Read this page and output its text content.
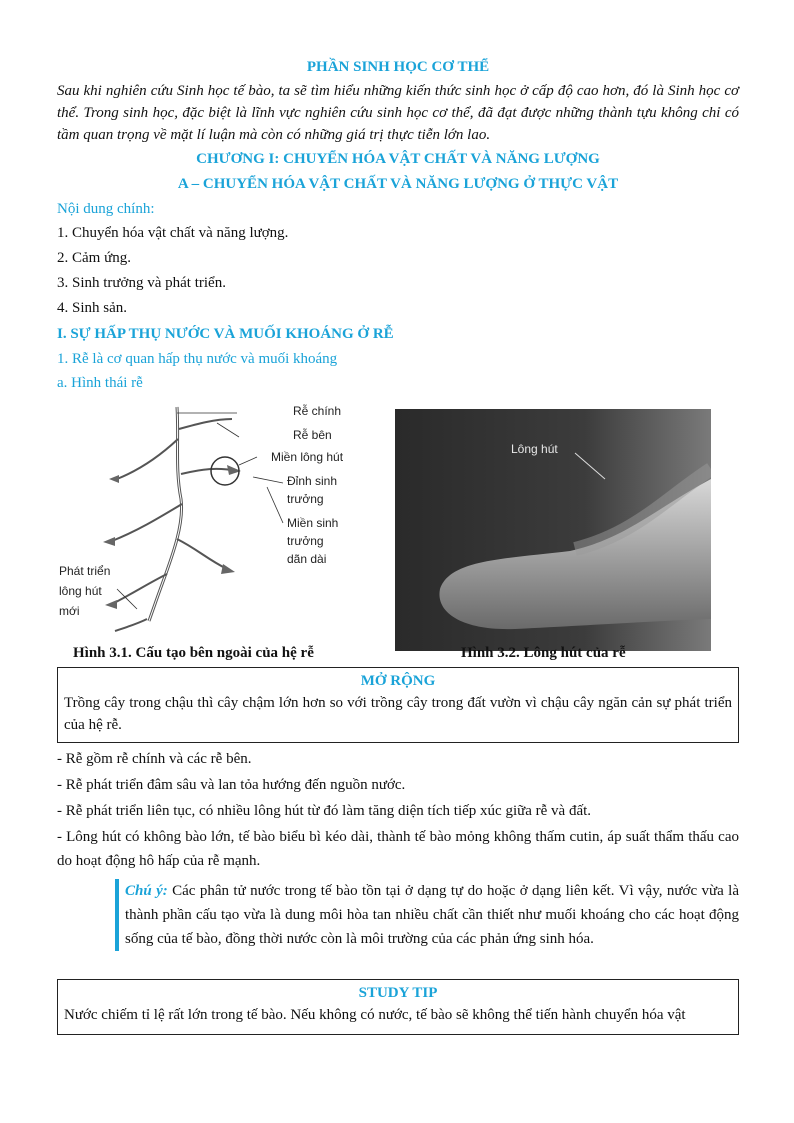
PHẦN SINH HỌC CƠ THỂ

Sau khi nghiên cứu Sinh học tế bào, ta sẽ tìm hiểu những kiến thức sinh học ở cấp độ cao hơn, đó là Sinh học cơ thể. Trong sinh học, đặc biệt là lĩnh vực nghiên cứu sinh học cơ thể, đã đạt được những thành tựu không chỉ có tầm quan trọng về mặt lí luận mà còn có những giá trị thực tiễn lớn lao.

CHƯƠNG I: CHUYỂN HÓA VẬT CHẤT VÀ NĂNG LƯỢNG

A – CHUYỂN HÓA VẬT CHẤT VÀ NĂNG LƯỢNG Ở THỰC VẬT

Nội dung chính:

1. Chuyển hóa vật chất và năng lượng.

2. Cảm ứng.

3. Sinh trưởng và phát triển.

4. Sinh sản.

I. SỰ HẤP THỤ NƯỚC VÀ MUỐI KHOÁNG Ở RỄ

1. Rễ là cơ quan hấp thụ nước và muối khoáng

a. Hình thái rễ

Rễ chính
Rễ bên
Miền lông hút
Đỉnh sinh
trưởng
Miền sinh
trưởng
dãn dài
Phát triển
lông hút
mới
Lông hút
Hình 3.1. Cấu tạo bên ngoài của hệ rễ	Hình 3.2. Lông hút của rễ
MỞ RỘNG
Trồng cây trong chậu thì cây chậm lớn hơn so với trồng cây trong đất vườn vì chậu cây ngăn cản sự phát triển của hệ rễ.

- Rễ gồm rễ chính và các rễ bên.

- Rễ phát triển đâm sâu và lan tỏa hướng đến nguồn nước.

- Rễ phát triển liên tục, có nhiều lông hút từ đó làm tăng diện tích tiếp xúc giữa rễ và đất.

- Lông hút có không bào lớn, tế bào biểu bì kéo dài, thành tế bào mỏng không thấm cutin, áp suất thẩm thấu cao do hoạt động hô hấp của rễ mạnh.

Chú ý: Các phân tử nước trong tế bào tồn tại ở dạng tự do hoặc ở dạng liên kết. Vì vậy, nước vừa là thành phần cấu tạo vừa là dung môi hòa tan nhiều chất cần thiết như muối khoáng cho các hoạt động sống của tế bào, đồng thời nước còn là môi trường của các phản ứng sinh hóa.
STUDY TIP
Nước chiếm tỉ lệ rất lớn trong tế bào. Nếu không có nước, tế bào sẽ không thể tiến hành chuyển hóa vật
